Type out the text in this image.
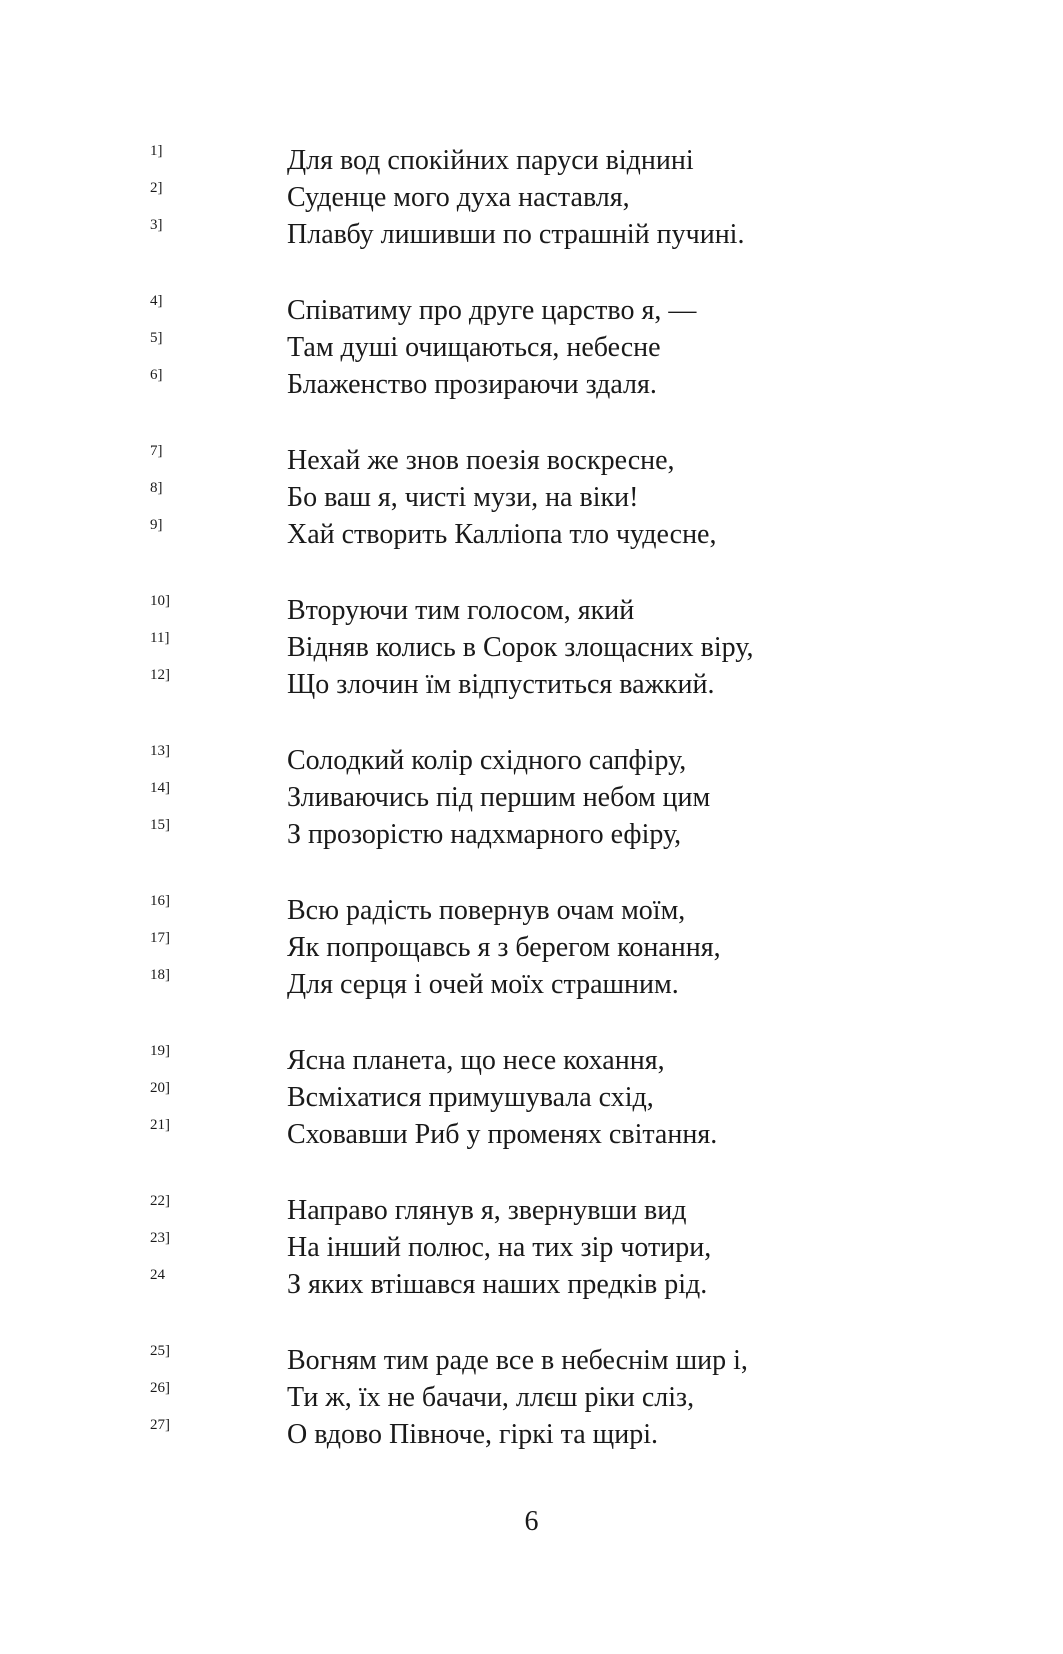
1]	Для вод спокійних паруси віднині
2]	Суденце мого духа наставля,
3]	Плавбу лишивши по страшній пучині.
4]	Співатиму про друге царство я, —
5]	Там душі очищаються, небесне
6]	Блаженство прозираючи здаля.
7]	Нехай же знов поезія воскресне,
8]	Бо ваш я, чисті музи, на віки!
9]	Хай створить Калліопа тло чудесне,
10]	Вторуючи тим голосом, який
11]	Відняв колись в Сорок злощасних віру,
12]	Що злочин їм відпуститься важкий.
13]	Солодкий колір східного сапфіру,
14]	Зливаючись під першим небом цим
15]	З прозорістю надхмарного ефіру,
16]	Всю радість повернув очам моїм,
17]	Як попрощавсь я з берегом конання,
18]	Для серця і очей моїх страшним.
19]	Ясна планета, що несе кохання,
20]	Всміхатися примушувала схід,
21]	Сховавши Риб у променях світання.
22]	Направо глянув я, звернувши вид
23]	На інший полюс, на тих зір чотири,
24	З яких втішався наших предків рід.
25]	Вогням тим раде все в небеснім шир і,
26]	Ти ж, їх не бачачи, ллєш ріки сліз,
27]	О вдово Півноче, гіркі та щирі.
6
